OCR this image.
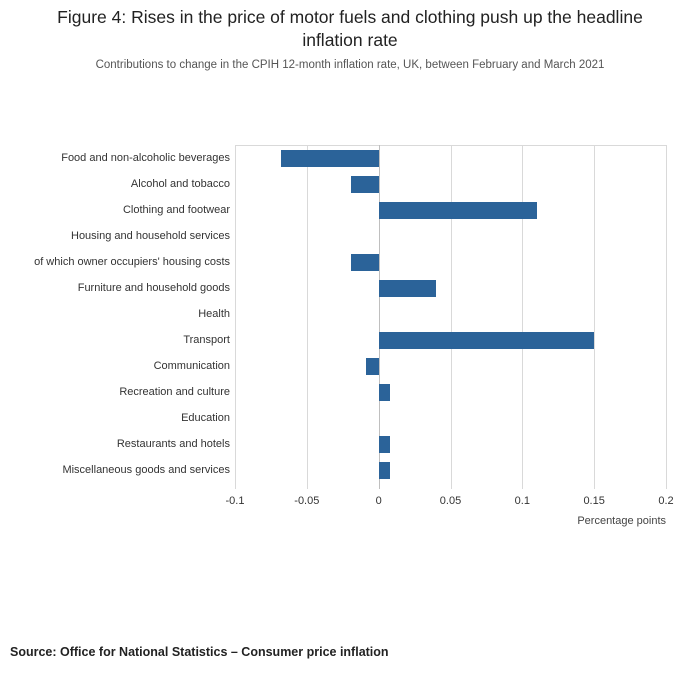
Figure 4: Rises in the price of motor fuels and clothing push up the headline inflation rate
Contributions to change in the CPIH 12-month inflation rate, UK, between February and March 2021
Food and non-alcoholic beverages
Alcohol and tobacco
Clothing and footwear
Housing and household services
of which owner occupiers' housing costs
Furniture and household goods
Health
Transport
Communication
Recreation and culture
Education
Restaurants and hotels
Miscellaneous goods and services
Percentage points
-0.1	-0.05	0	0.05	0.1	0.15	0.2
Source: Office for National Statistics – Consumer price inflation
